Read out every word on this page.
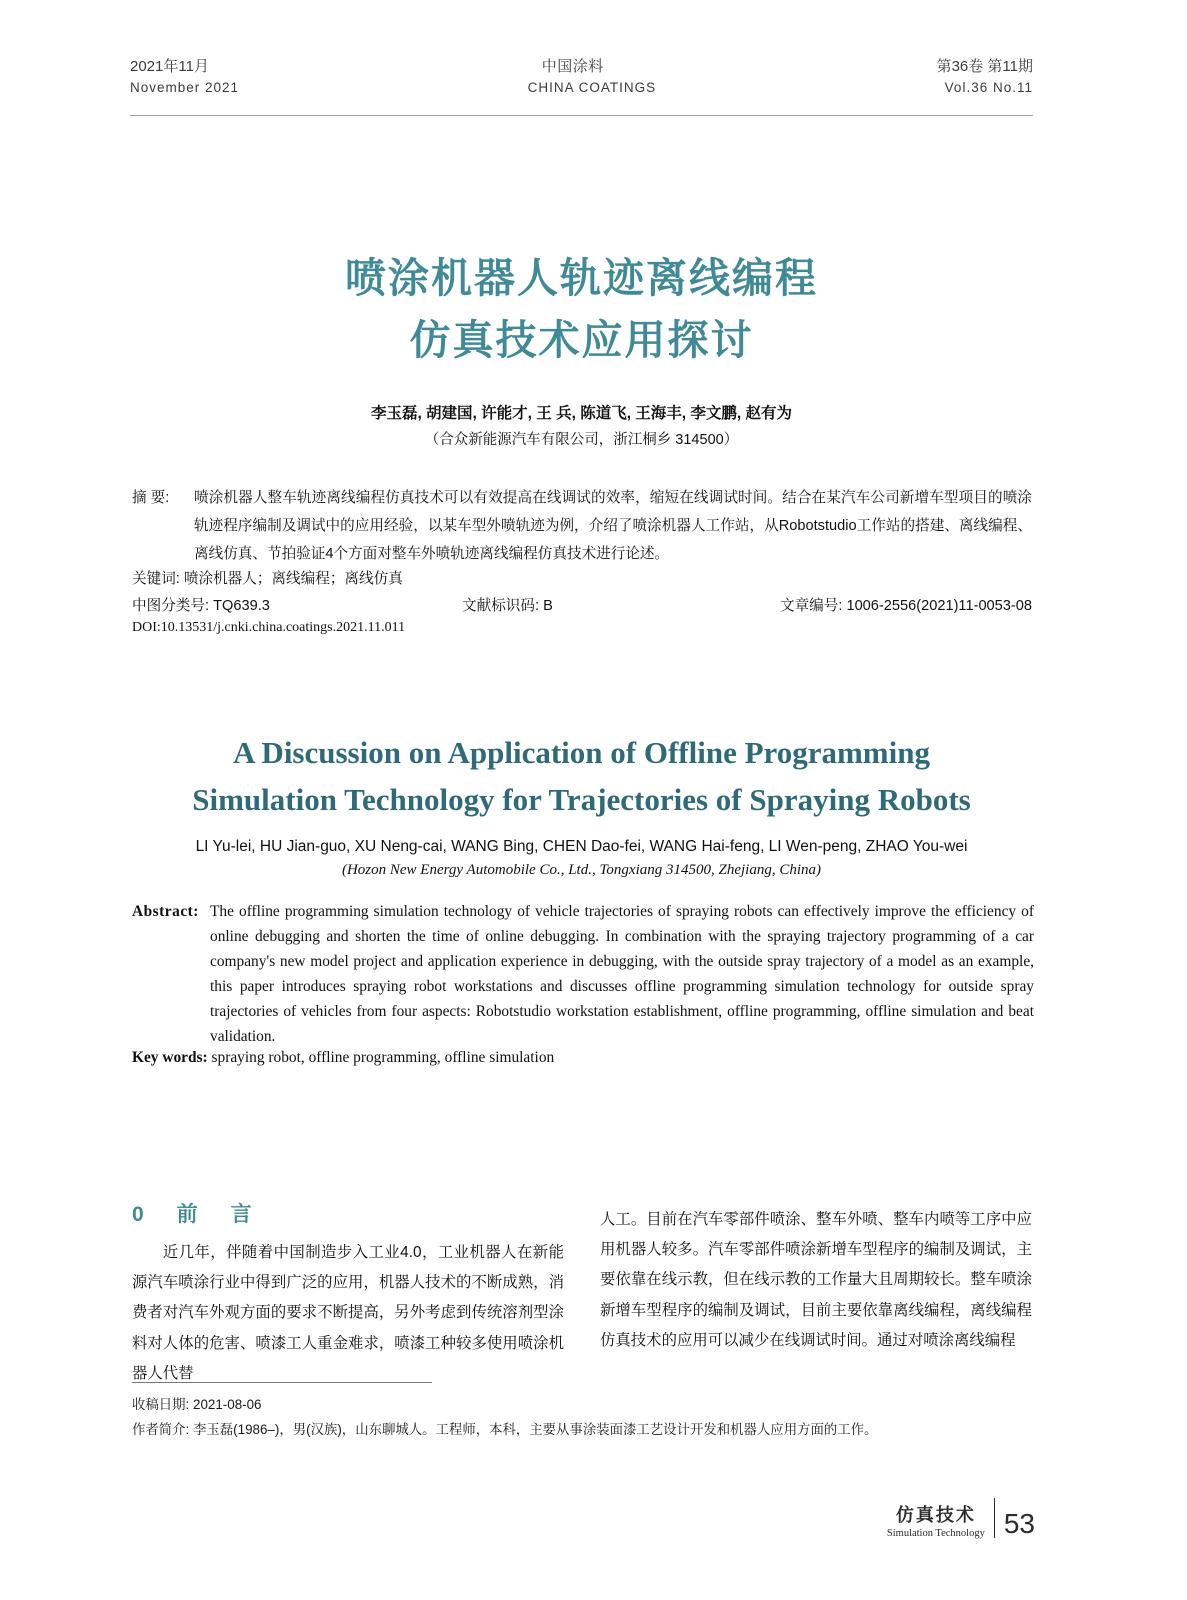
2021年11月	中国涂料	第36卷 第11期
November 2021	CHINA COATINGS	Vol.36 No.11
喷涂机器人轨迹离线编程
仿真技术应用探讨
李玉磊, 胡建国, 许能才, 王 兵, 陈道飞, 王海丰, 李文鹏, 赵有为
（合众新能源汽车有限公司，浙江桐乡 314500）
摘 要:	喷涂机器人整车轨迹离线编程仿真技术可以有效提高在线调试的效率，缩短在线调试时间。结合在某汽车公司新增车型项目的喷涂轨迹程序编制及调试中的应用经验，以某车型外喷轨迹为例，介绍了喷涂机器人工作站，从Robotstudio工作站的搭建、离线编程、离线仿真、节拍验证4个方面对整车外喷轨迹离线编程仿真技术进行论述。
关键词: 喷涂机器人；离线编程；离线仿真
中图分类号: TQ639.3	文献标识码: B	文章编号: 1006-2556(2021)11-0053-08
DOI:10.13531/j.cnki.china.coatings.2021.11.011
A Discussion on Application of Offline Programming
Simulation Technology for Trajectories of Spraying Robots
LI Yu-lei, HU Jian-guo, XU Neng-cai, WANG Bing, CHEN Dao-fei, WANG Hai-feng, LI Wen-peng, ZHAO You-wei
(Hozon New Energy Automobile Co., Ltd., Tongxiang 314500, Zhejiang, China)
Abstract: The offline programming simulation technology of vehicle trajectories of spraying robots can effectively improve the efficiency of online debugging and shorten the time of online debugging. In combination with the spraying trajectory programming of a car company's new model project and application experience in debugging, with the outside spray trajectory of a model as an example, this paper introduces spraying robot workstations and discusses offline programming simulation technology for outside spray trajectories of vehicles from four aspects: Robotstudio workstation establishment, offline programming, offline simulation and beat validation.
Key words: spraying robot, offline programming, offline simulation
0　前　言

近几年，伴随着中国制造步入工业4.0，工业机器人在新能源汽车喷涂行业中得到广泛的应用，机器人技术的不断成熟，消费者对汽车外观方面的要求不断提高，另外考虑到传统溶剂型涂料对人体的危害、喷漆工人重金难求，喷漆工种较多使用喷涂机器人代替

人工。目前在汽车零部件喷涂、整车外喷、整车内喷等工序中应用机器人较多。汽车零部件喷涂新增车型程序的编制及调试，主要依靠在线示教，但在线示教的工作量大且周期较长。整车喷涂新增车型程序的编制及调试，目前主要依靠离线编程，离线编程仿真技术的应用可以减少在线调试时间。通过对喷涂离线编程

收稿日期: 2021-08-06
作者简介: 李玉磊(1986–)，男(汉族)，山东聊城人。工程师，本科，主要从事涂装面漆工艺设计开发和机器人应用方面的工作。
仿真技术
Simulation Technology 53
